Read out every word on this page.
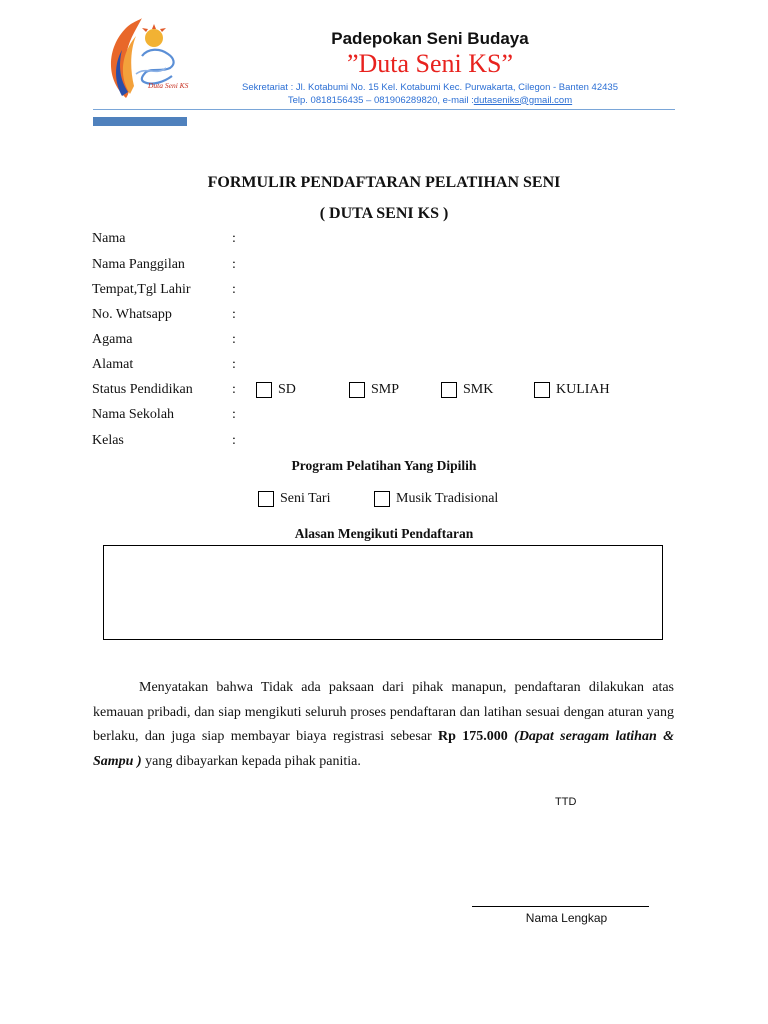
Duta Seni KS
Padepokan Seni Budaya
”Duta Seni KS”
Sekretariat : Jl. Kotabumi No. 15 Kel. Kotabumi Kec. Purwakarta, Cilegon - Banten 42435
Telp. 0818156435 – 081906289820, e-mail :dutaseniks@gmail.com
FORMULIR PENDAFTARAN PELATIHAN SENI
( DUTA SENI KS )
Nama	:
Nama Panggilan	:
Tempat,Tgl Lahir	:
No. Whatsapp	:
Agama	:
Alamat	:
Status Pendidikan	:	SD	SMP	SMK	KULIAH
Nama Sekolah	:
Kelas	:
Program Pelatihan Yang Dipilih
Seni Tari	Musik Tradisional
Alasan Mengikuti Pendaftaran
Menyatakan bahwa Tidak ada paksaan dari pihak manapun, pendaftaran dilakukan atas kemauan pribadi, dan siap mengikuti seluruh proses pendaftaran dan latihan sesuai dengan aturan yang berlaku, dan juga siap membayar biaya registrasi sebesar Rp 175.000 (Dapat seragam latihan & Sampu ) yang dibayarkan kepada pihak panitia.
TTD
Nama Lengkap
